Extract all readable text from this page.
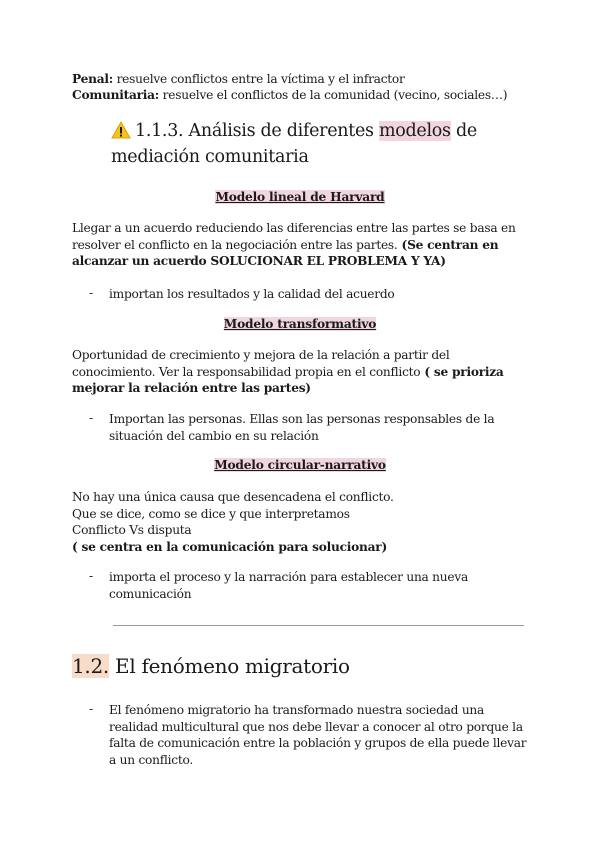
Penal: resuelve conflictos entre la víctima y el infractor
Comunitaria: resuelve el conflictos de la comunidad (vecino, sociales…)
1.1.3. Análisis de diferentes modelos de
mediación comunitaria
Modelo lineal de Harvard
Llegar a un acuerdo reduciendo las diferencias entre las partes se basa en resolver el conflicto en la negociación entre las partes. (Se centran en alcanzar un acuerdo SOLUCIONAR EL PROBLEMA Y YA)
- importan los resultados y la calidad del acuerdo
Modelo transformativo
Oportunidad de crecimiento y mejora de la relación a partir del conocimiento. Ver la responsabilidad propia en el conflicto ( se prioriza mejorar la relación entre las partes)
- Importan las personas. Ellas son las personas responsables de la situación del cambio en su relación
Modelo circular-narrativo
No hay una única causa que desencadena el conflicto.
Que se dice, como se dice y que interpretamos
Conflicto Vs disputa
( se centra en la comunicación para solucionar)
- importa el proceso y la narración para establecer una nueva comunicación
1.2. El fenómeno migratorio
- El fenómeno migratorio ha transformado nuestra sociedad una realidad multicultural que nos debe llevar a conocer al otro porque la falta de comunicación entre la población y grupos de ella puede llevar a un conflicto.
